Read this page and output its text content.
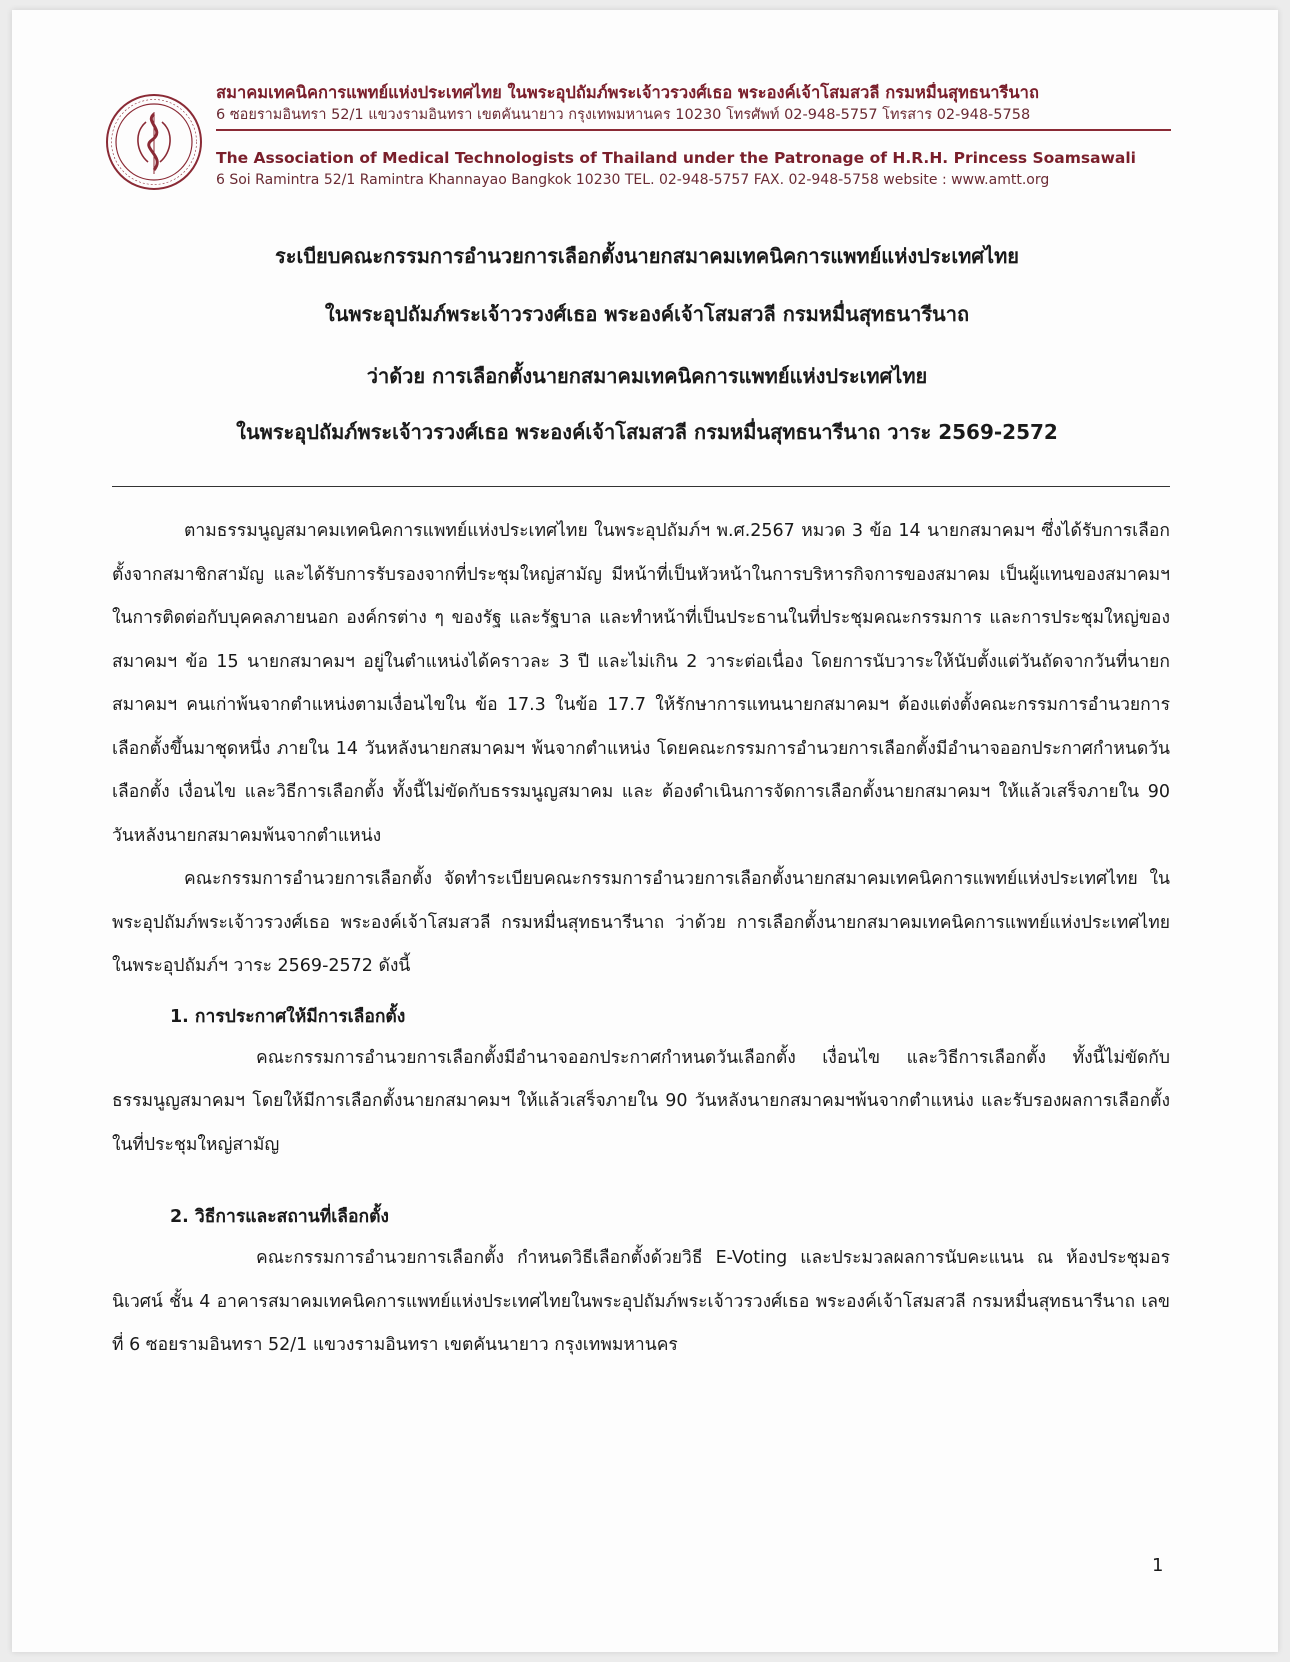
สมาคมเทคนิคการแพทย์แห่งประเทศไทย ในพระอุปถัมภ์พระเจ้าวรวงศ์เธอ พระองค์เจ้าโสมสวลี กรมหมื่นสุทธนารีนาถ
6 ซอยรามอินทรา 52/1 แขวงรามอินทรา เขตคันนายาว กรุงเทพมหานคร 10230 โทรศัพท์ 02-948-5757 โทรสาร 02-948-5758
The Association of Medical Technologists of Thailand under the Patronage of H.R.H. Princess Soamsawali
6 Soi Ramintra 52/1 Ramintra Khannayao Bangkok 10230 TEL. 02-948-5757 FAX. 02-948-5758 website : www.amtt.org
ระเบียบคณะกรรมการอำนวยการเลือกตั้งนายกสมาคมเทคนิคการแพทย์แห่งประเทศไทย
ในพระอุปถัมภ์พระเจ้าวรวงศ์เธอ พระองค์เจ้าโสมสวลี กรมหมื่นสุทธนารีนาถ
ว่าด้วย การเลือกตั้งนายกสมาคมเทคนิคการแพทย์แห่งประเทศไทย
ในพระอุปถัมภ์พระเจ้าวรวงศ์เธอ พระองค์เจ้าโสมสวลี กรมหมื่นสุทธนารีนาถ วาระ 2569-2572

ตามธรรมนูญสมาคมเทคนิคการแพทย์แห่งประเทศไทย ในพระอุปถัมภ์ฯ พ.ศ.2567 หมวด 3 ข้อ 14 นายกสมาคมฯ ซึ่งได้รับการเลือกตั้งจากสมาชิกสามัญ และได้รับการรับรองจากที่ประชุมใหญ่สามัญ มีหน้าที่เป็นหัวหน้าในการบริหารกิจการของสมาคม เป็นผู้แทนของสมาคมฯ ในการติดต่อกับบุคคลภายนอก องค์กรต่าง ๆ ของรัฐ และรัฐบาล และทำหน้าที่เป็นประธานในที่ประชุมคณะกรรมการ และการประชุมใหญ่ของสมาคมฯ ข้อ 15 นายกสมาคมฯ อยู่ในตำแหน่งได้คราวละ 3 ปี และไม่เกิน 2 วาระต่อเนื่อง โดยการนับวาระให้นับตั้งแต่วันถัดจากวันที่นายกสมาคมฯ คนเก่าพ้นจากตำแหน่งตามเงื่อนไขใน ข้อ 17.3 ในข้อ 17.7 ให้รักษาการแทนนายกสมาคมฯ ต้องแต่งตั้งคณะกรรมการอำนวยการเลือกตั้งขึ้นมาชุดหนึ่ง ภายใน 14 วันหลังนายกสมาคมฯ พ้นจากตำแหน่ง โดยคณะกรรมการอำนวยการเลือกตั้งมีอำนาจออกประกาศกำหนดวันเลือกตั้ง เงื่อนไข และวิธีการเลือกตั้ง ทั้งนี้ไม่ขัดกับธรรมนูญสมาคม และ ต้องดำเนินการจัดการเลือกตั้งนายกสมาคมฯ ให้แล้วเสร็จภายใน 90 วันหลังนายกสมาคมพ้นจากตำแหน่ง

คณะกรรมการอำนวยการเลือกตั้ง จัดทำระเบียบคณะกรรมการอำนวยการเลือกตั้งนายกสมาคมเทคนิคการแพทย์แห่งประเทศไทย ในพระอุปถัมภ์พระเจ้าวรวงศ์เธอ พระองค์เจ้าโสมสวลี กรมหมื่นสุทธนารีนาถ ว่าด้วย การเลือกตั้งนายกสมาคมเทคนิคการแพทย์แห่งประเทศไทยในพระอุปถัมภ์ฯ วาระ 2569-2572 ดังนี้

1. การประกาศให้มีการเลือกตั้ง

คณะกรรมการอำนวยการเลือกตั้งมีอำนาจออกประกาศกำหนดวันเลือกตั้ง เงื่อนไข และวิธีการเลือกตั้ง ทั้งนี้ไม่ขัดกับธรรมนูญสมาคมฯ โดยให้มีการเลือกตั้งนายกสมาคมฯ ให้แล้วเสร็จภายใน 90 วันหลังนายกสมาคมฯพ้นจากตำแหน่ง และรับรองผลการเลือกตั้งในที่ประชุมใหญ่สามัญ

2. วิธีการและสถานที่เลือกตั้ง

คณะกรรมการอำนวยการเลือกตั้ง กำหนดวิธีเลือกตั้งด้วยวิธี E-Voting และประมวลผลการนับคะแนน ณ ห้องประชุมอรนิเวศน์ ชั้น 4 อาคารสมาคมเทคนิคการแพทย์แห่งประเทศไทยในพระอุปถัมภ์พระเจ้าวรวงศ์เธอ พระองค์เจ้าโสมสวลี กรมหมื่นสุทธนารีนาถ เลขที่ 6 ซอยรามอินทรา 52/1 แขวงรามอินทรา เขตคันนายาว กรุงเทพมหานคร

1
